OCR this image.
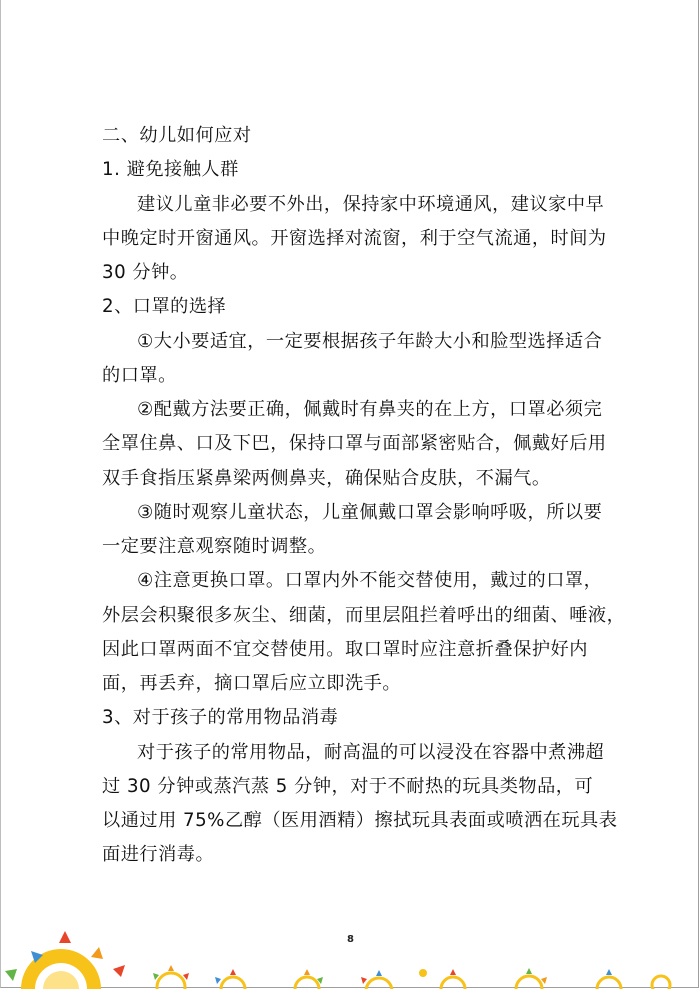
二、幼儿如何应对
1. 避免接触人群
建议儿童非必要不外出，保持家中环境通风，建议家中早
中晚定时开窗通风。开窗选择对流窗，利于空气流通，时间为
30 分钟。
2、口罩的选择
①大小要适宜，一定要根据孩子年龄大小和脸型选择适合
的口罩。
②配戴方法要正确，佩戴时有鼻夹的在上方，口罩必须完
全罩住鼻、口及下巴，保持口罩与面部紧密贴合，佩戴好后用
双手食指压紧鼻梁两侧鼻夹，确保贴合皮肤，不漏气。
③随时观察儿童状态，儿童佩戴口罩会影响呼吸，所以要
一定要注意观察随时调整。
④注意更换口罩。口罩内外不能交替使用，戴过的口罩，
外层会积聚很多灰尘、细菌，而里层阻拦着呼出的细菌、唾液，
因此口罩两面不宜交替使用。取口罩时应注意折叠保护好内
面，再丢弃，摘口罩后应立即洗手。
3、对于孩子的常用物品消毒
对于孩子的常用物品，耐高温的可以浸没在容器中煮沸超
过 30 分钟或蒸汽蒸 5 分钟，对于不耐热的玩具类物品，可
以通过用 75%乙醇（医用酒精）擦拭玩具表面或喷洒在玩具表
面进行消毒。
8
